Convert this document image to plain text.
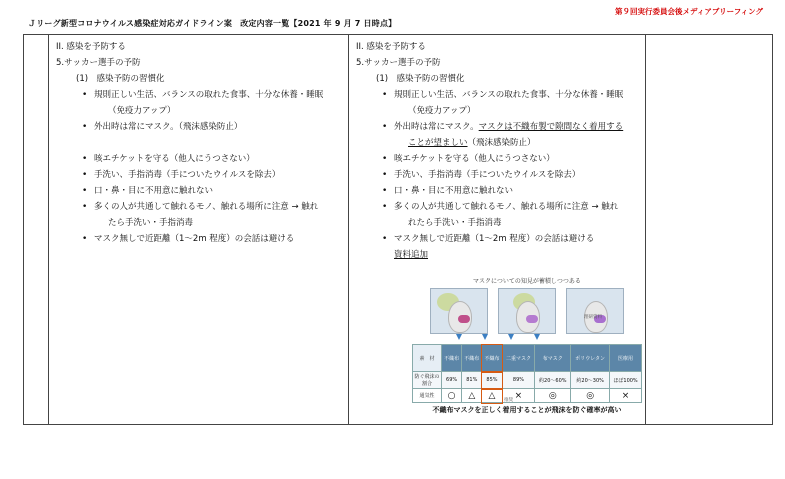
第９回実行委員会後メディアブリーフィング
Ｊリーグ新型コロナウイルス感染症対応ガイドライン案　改定内容一覧【2021 年 9 月 7 日時点】
II. 感染を予防する
5.サッカー選手の予防
(1)　感染予防の習慣化
• 規則正しい生活、バランスの取れた食事、十分な休養・睡眠
（免疫力アップ）
• 外出時は常にマスク。（飛沫感染防止）
• 咳エチケットを守る（他人にうつさない）
• 手洗い、手指消毒（手についたウイルスを除去）
• 口・鼻・目に不用意に触れない
• 多くの人が共通して触れるモノ、触れる場所に注意 → 触れ
たら手洗い・手指消毒
• マスク無しで近距離（1～2m 程度）の会話は避ける
II. 感染を予防する
5.サッカー選手の予防
(1)　感染予防の習慣化
• 規則正しい生活、バランスの取れた食事、十分な休養・睡眠
（免疫力アップ）
• 外出時は常にマスク。マスクは不織布製で隙間なく着用する
ことが望ましい（飛沫感染防止）
• 咳エチケットを守る（他人にうつさない）
• 手洗い、手指消毒（手についたウイルスを除去）
• 口・鼻・目に不用意に触れない
• 多くの人が共通して触れるモノ、触れる場所に注意 → 触れ
れたら手洗い・手指消毒
• マスク無しで近距離（1～2m 程度）の会話は避ける
資料追加
マスクについての知見が蓄積しつつある
理研資料
素　材	不織布	不織布	不織布	二重マスク	布マスク	ポリウレタン	医療用
防ぐ飛沫の割合	69%	81%	85%	89%	約20～60%	約20～30%	ほぼ100%
通気性	○	△	△	×	◎	◎	×
推奨
不織布マスクを正しく着用することが飛沫を防ぐ確率が高い
